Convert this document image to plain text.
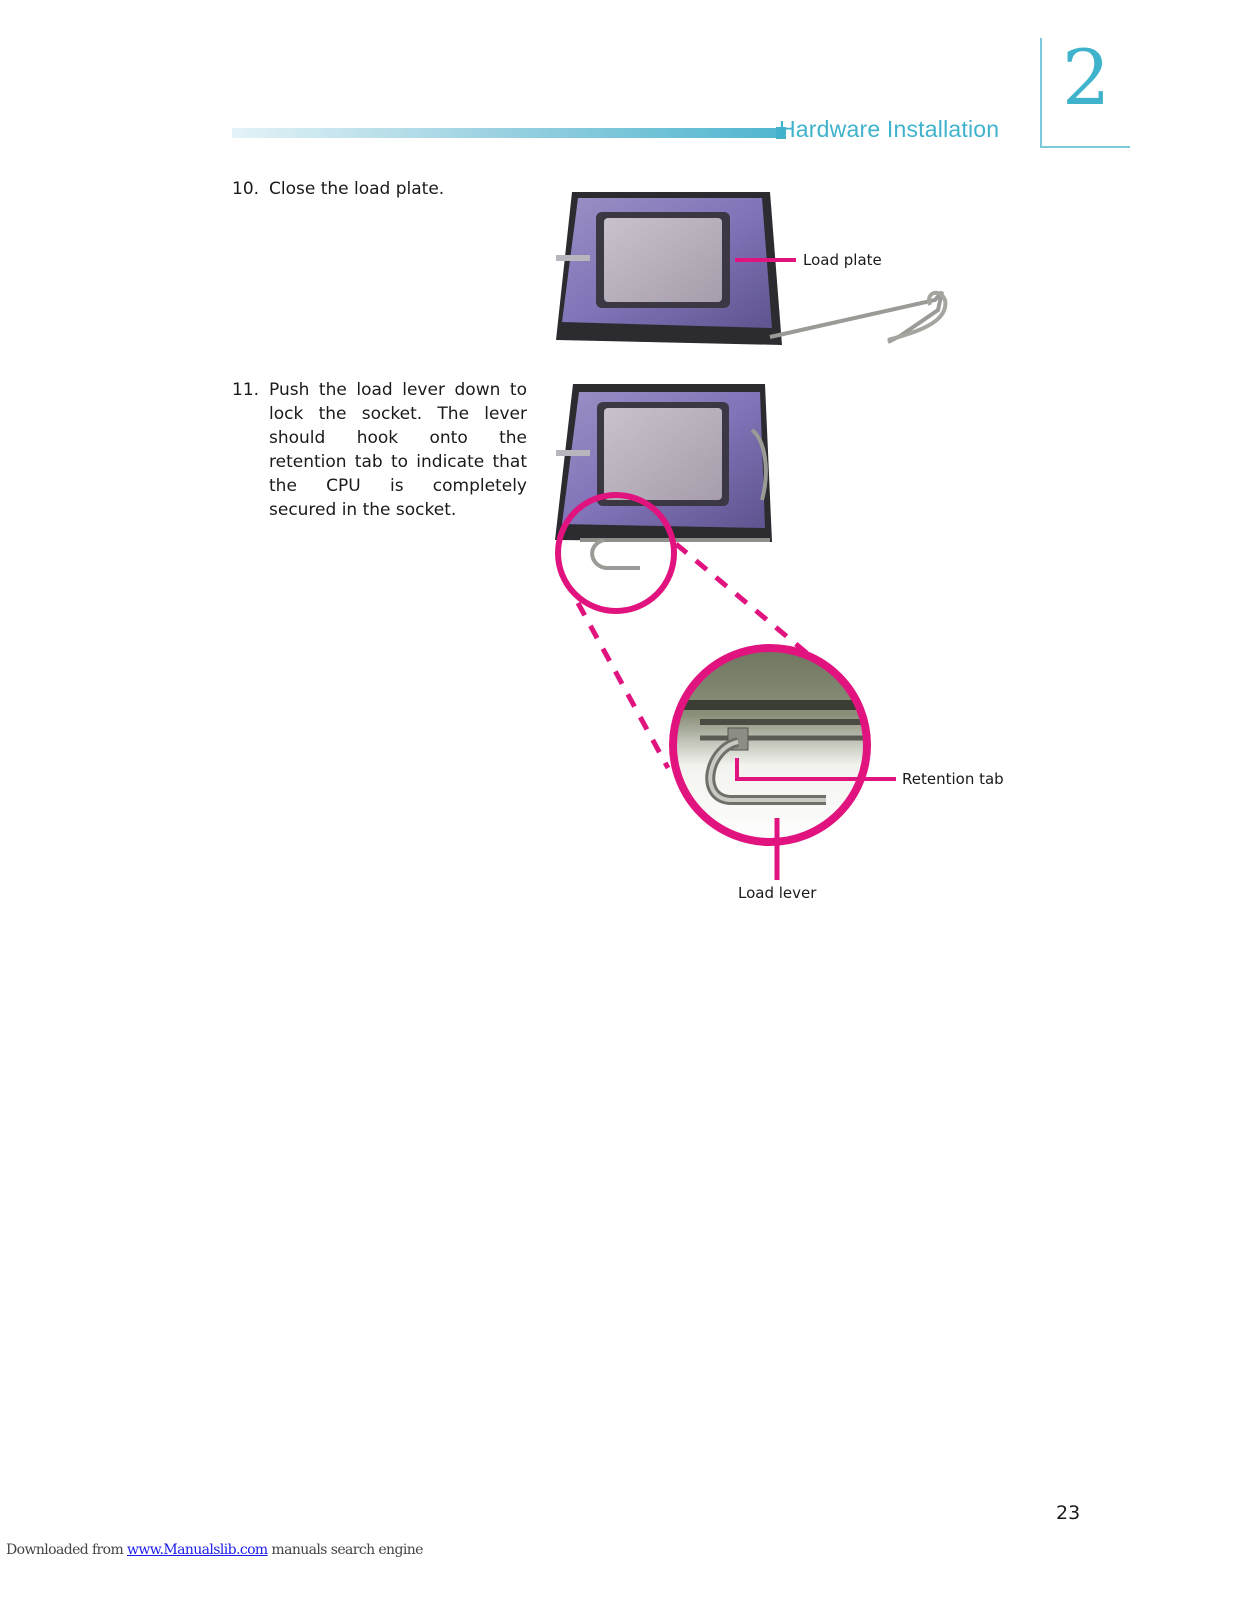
Hardware Installation
2
10. Close the load plate.
11. Push the load lever down to lock the socket. The lever should hook onto the retention tab to indicate that the CPU is completely secured in the socket.
Load plate
Retention tab
Load lever
23
Downloaded from www.Manualslib.com manuals search engine
